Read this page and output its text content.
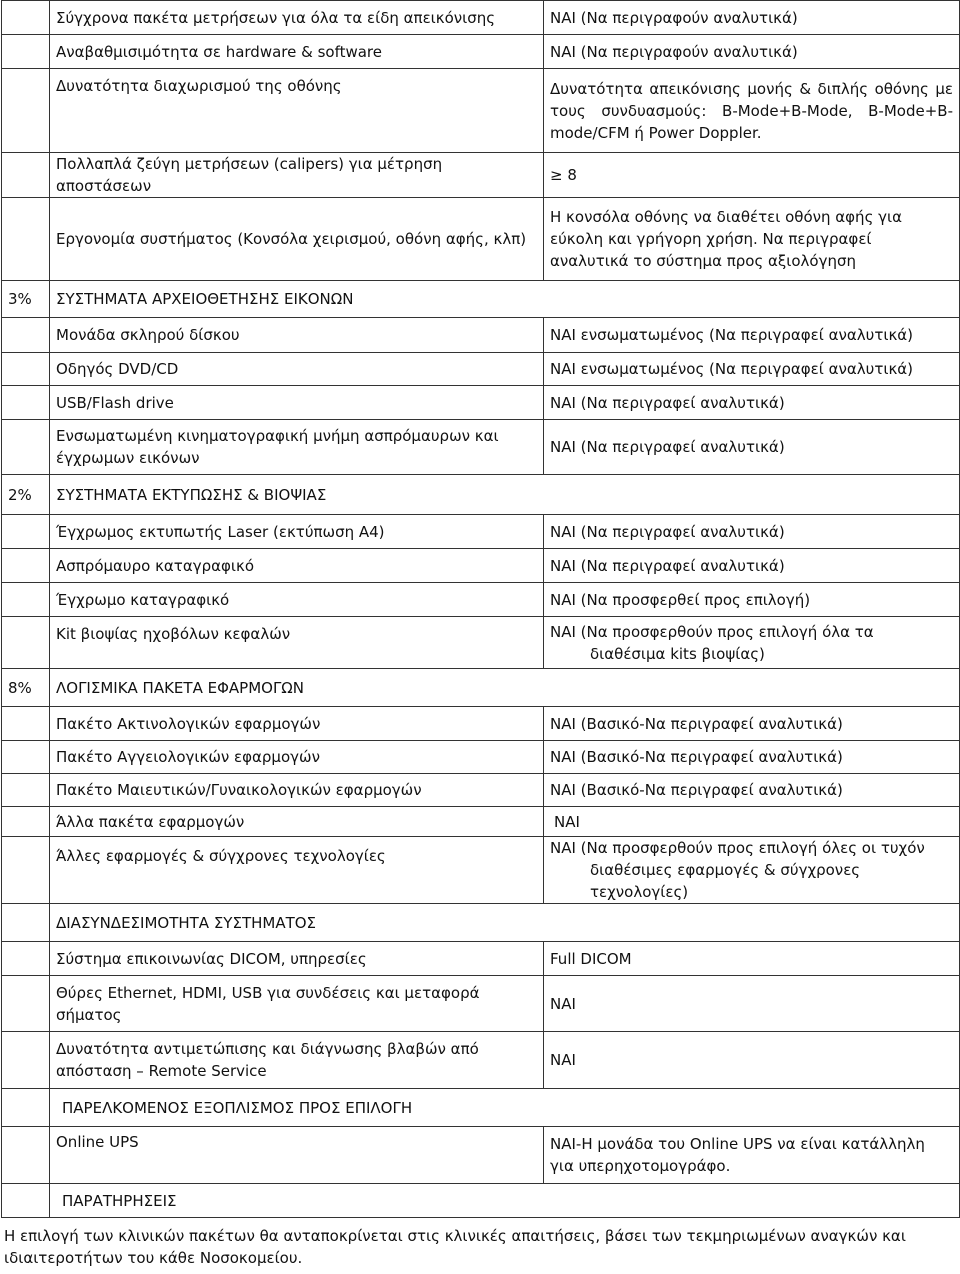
	Σύγχρονα πακέτα μετρήσεων για όλα τα είδη απεικόνισης	ΝΑΙ (Να περιγραφούν αναλυτικά)
	Αναβαθμισιμότητα σε hardware & software	ΝΑΙ (Να περιγραφούν αναλυτικά)
	Δυνατότητα διαχωρισμού της οθόνης	Δυνατότητα απεικόνισης μονής & διπλής οθόνης με τους συνδυασμούς: B-Mode+B-Mode, B-Mode+B-mode/CFM ή Power Doppler.
	Πολλαπλά ζεύγη μετρήσεων (calipers) για μέτρηση αποστάσεων	≥ 8
	Εργονομία συστήματος (Κονσόλα χειρισμού, οθόνη αφής, κλπ)	Η κονσόλα οθόνης να διαθέτει οθόνη αφής για εύκολη και γρήγορη χρήση. Να περιγραφεί αναλυτικά το σύστημα προς αξιολόγηση
3%	ΣΥΣΤΗΜΑΤΑ ΑΡΧΕΙΟΘΕΤΗΣΗΣ ΕΙΚΟΝΩΝ	
	Μονάδα σκληρού δίσκου	ΝΑΙ ενσωματωμένος (Να περιγραφεί αναλυτικά)
	Οδηγός DVD/CD	ΝΑΙ ενσωματωμένος (Να περιγραφεί αναλυτικά)
	USB/Flash drive	ΝΑΙ (Να περιγραφεί αναλυτικά)
	Ενσωματωμένη κινηματογραφική μνήμη ασπρόμαυρων και έγχρωμων εικόνων	ΝΑΙ (Να περιγραφεί αναλυτικά)
2%	ΣΥΣΤΗΜΑΤΑ ΕΚΤΥΠΩΣΗΣ & ΒΙΟΨΙΑΣ	
	Έγχρωμος εκτυπωτής Laser (εκτύπωση Α4)	ΝΑΙ (Να περιγραφεί αναλυτικά)
	Ασπρόμαυρο καταγραφικό	ΝΑΙ (Να περιγραφεί αναλυτικά)
	Έγχρωμο καταγραφικό	ΝΑΙ (Να προσφερθεί προς επιλογή)
	Kit βιοψίας ηχοβόλων κεφαλών	ΝΑΙ (Να προσφερθούν προς επιλογή όλα τα
διαθέσιμα kits βιοψίας)

8%	ΛΟΓΙΣΜΙΚΑ ΠΑΚΕΤΑ ΕΦΑΡΜΟΓΩΝ	
	Πακέτο Ακτινολογικών εφαρμογών	ΝΑΙ (Βασικό-Να περιγραφεί αναλυτικά)
	Πακέτο Αγγειολογικών εφαρμογών	ΝΑΙ (Βασικό-Να περιγραφεί αναλυτικά)
	Πακέτο Μαιευτικών/Γυναικολογικών εφαρμογών	ΝΑΙ (Βασικό-Να περιγραφεί αναλυτικά)
	Άλλα πακέτα εφαρμογών	ΝΑΙ
	Άλλες εφαρμογές & σύγχρονες τεχνολογίες	ΝΑΙ (Να προσφερθούν προς επιλογή όλες οι τυχόν
διαθέσιμες εφαρμογές & σύγχρονες τεχνολογίες)

	ΔΙΑΣΥΝΔΕΣΙΜΟΤΗΤΑ ΣΥΣΤΗΜΑΤΟΣ	
	Σύστημα επικοινωνίας DICOM, υπηρεσίες	Full DICOM
	Θύρες Ethernet, HDMI, USB για συνδέσεις και μεταφορά σήματος	ΝΑΙ
	Δυνατότητα αντιμετώπισης και διάγνωσης βλαβών από απόσταση – Remote Service	ΝΑΙ
	ΠΑΡΕΛΚΟΜΕΝΟΣ ΕΞΟΠΛΙΣΜΟΣ ΠΡΟΣ ΕΠΙΛΟΓΗ	
	Online UPS	ΝΑΙ-Η μονάδα του Online UPS να είναι κατάλληλη για υπερηχοτομογράφο.
	ΠΑΡΑΤΗΡΗΣΕΙΣ	
Η επιλογή των κλινικών πακέτων θα ανταποκρίνεται στις κλινικές απαιτήσεις, βάσει των τεκμηριωμένων αναγκών και ιδιαιτεροτήτων του κάθε Νοσοκομείου.
